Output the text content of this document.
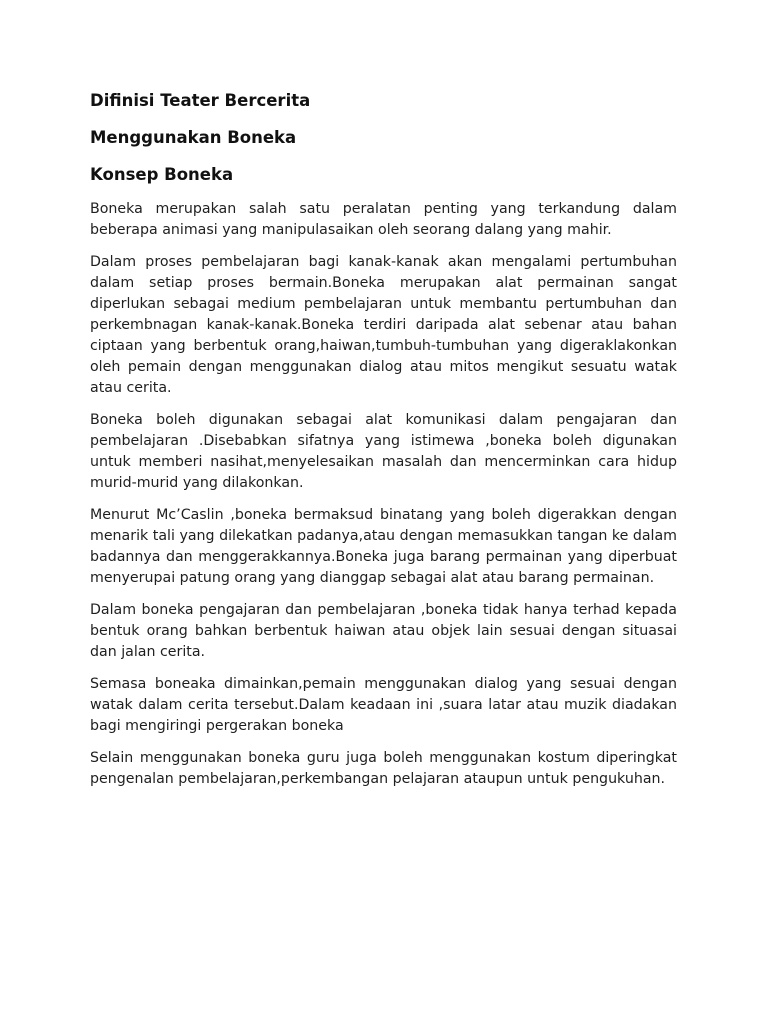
Difinisi Teater Bercerita
Menggunakan Boneka
Konsep Boneka

Boneka merupakan salah satu peralatan penting yang terkandung dalam beberapa animasi yang manipulasaikan oleh seorang dalang yang mahir.

Dalam proses pembelajaran bagi kanak-kanak akan mengalami pertumbuhan dalam setiap proses bermain.Boneka merupakan alat permainan sangat diperlukan sebagai medium pembelajaran untuk membantu pertumbuhan dan perkembnagan kanak-kanak.Boneka terdiri daripada alat sebenar atau bahan ciptaan yang berbentuk orang,haiwan,tumbuh-tumbuhan yang digeraklakonkan oleh pemain dengan menggunakan dialog atau mitos mengikut sesuatu watak atau cerita.

Boneka boleh digunakan sebagai alat komunikasi dalam pengajaran dan pembelajaran .Disebabkan sifatnya yang istimewa ,boneka boleh digunakan untuk memberi nasihat,menyelesaikan masalah dan mencerminkan cara hidup murid-murid yang dilakonkan.

Menurut Mc’Caslin ,boneka bermaksud binatang yang boleh digerakkan dengan menarik tali yang dilekatkan padanya,atau dengan memasukkan tangan ke dalam badannya dan menggerakkannya.Boneka juga barang permainan yang diperbuat menyerupai patung orang yang dianggap sebagai alat atau barang permainan.

Dalam boneka pengajaran dan pembelajaran ,boneka tidak hanya terhad kepada bentuk orang bahkan berbentuk haiwan atau objek lain sesuai dengan situasai dan jalan cerita.

Semasa boneaka dimainkan,pemain menggunakan dialog yang sesuai dengan watak dalam cerita tersebut.Dalam keadaan ini ,suara latar atau muzik diadakan bagi mengiringi pergerakan boneka

Selain menggunakan boneka guru juga boleh menggunakan kostum diperingkat pengenalan pembelajaran,perkembangan pelajaran ataupun untuk pengukuhan.
